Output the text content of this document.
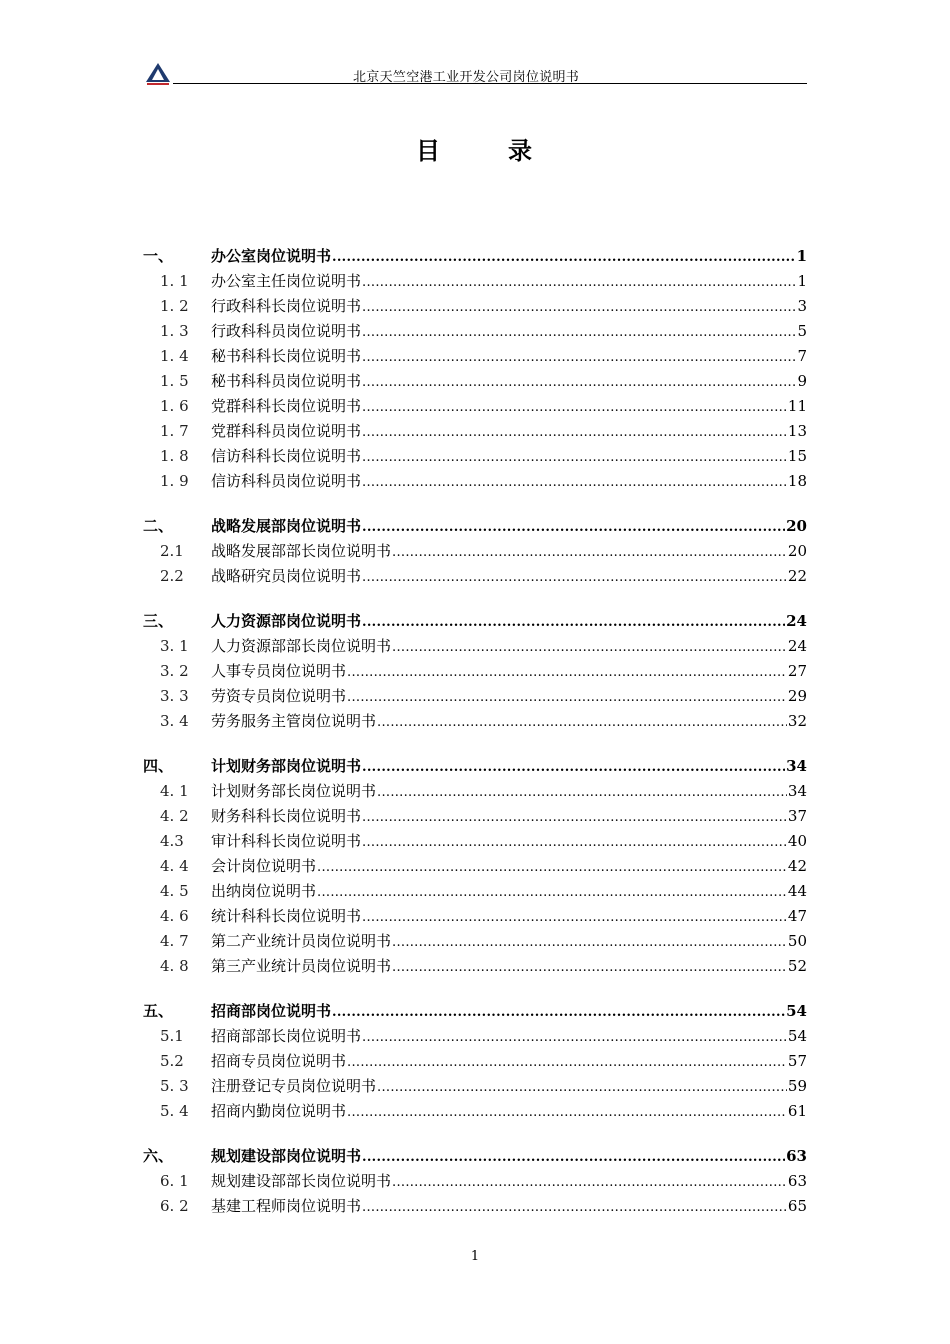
北京天竺空港工业开发公司岗位说明书
目	录
一、	办公室岗位说明书 .....	1
1. 1	办公室主任岗位说明书 .....	1
1. 2	行政科科长岗位说明书 .....	3
1. 3	行政科科员岗位说明书 .....	5
1. 4	秘书科科长岗位说明书 .....	7
1. 5	秘书科科员岗位说明书 .....	9
1. 6	党群科科长岗位说明书 .....	11
1. 7	党群科科员岗位说明书 .....	13
1. 8	信访科科长岗位说明书 .....	15
1. 9	信访科科员岗位说明书 .....	18
二、	战略发展部岗位说明书 .....	20
2.1	战略发展部部长岗位说明书 .....	20
2.2	战略研究员岗位说明书 .....	22
三、	人力资源部岗位说明书 .....	24
3. 1	人力资源部部长岗位说明书 .....	24
3. 2	人事专员岗位说明书 .....	27
3. 3	劳资专员岗位说明书 .....	29
3. 4	劳务服务主管岗位说明书 .....	32
四、	计划财务部岗位说明书 .....	34
4. 1	计划财务部长岗位说明书 .....	34
4. 2	财务科科长岗位说明书 .....	37
4.3	审计科科长岗位说明书 .....	40
4. 4	会计岗位说明书 .....	42
4. 5	出纳岗位说明书 .....	44
4. 6	统计科科长岗位说明书 .....	47
4. 7	第二产业统计员岗位说明书 .....	50
4. 8	第三产业统计员岗位说明书 .....	52
五、	招商部岗位说明书 .....	54
5.1	招商部部长岗位说明书 .....	54
5.2	招商专员岗位说明书 .....	57
5. 3	注册登记专员岗位说明书 .....	59
5. 4	招商内勤岗位说明书 .....	61
六、	规划建设部岗位说明书 .....	63
6. 1	规划建设部部长岗位说明书 .....	63
6. 2	基建工程师岗位说明书 .....	65
1
